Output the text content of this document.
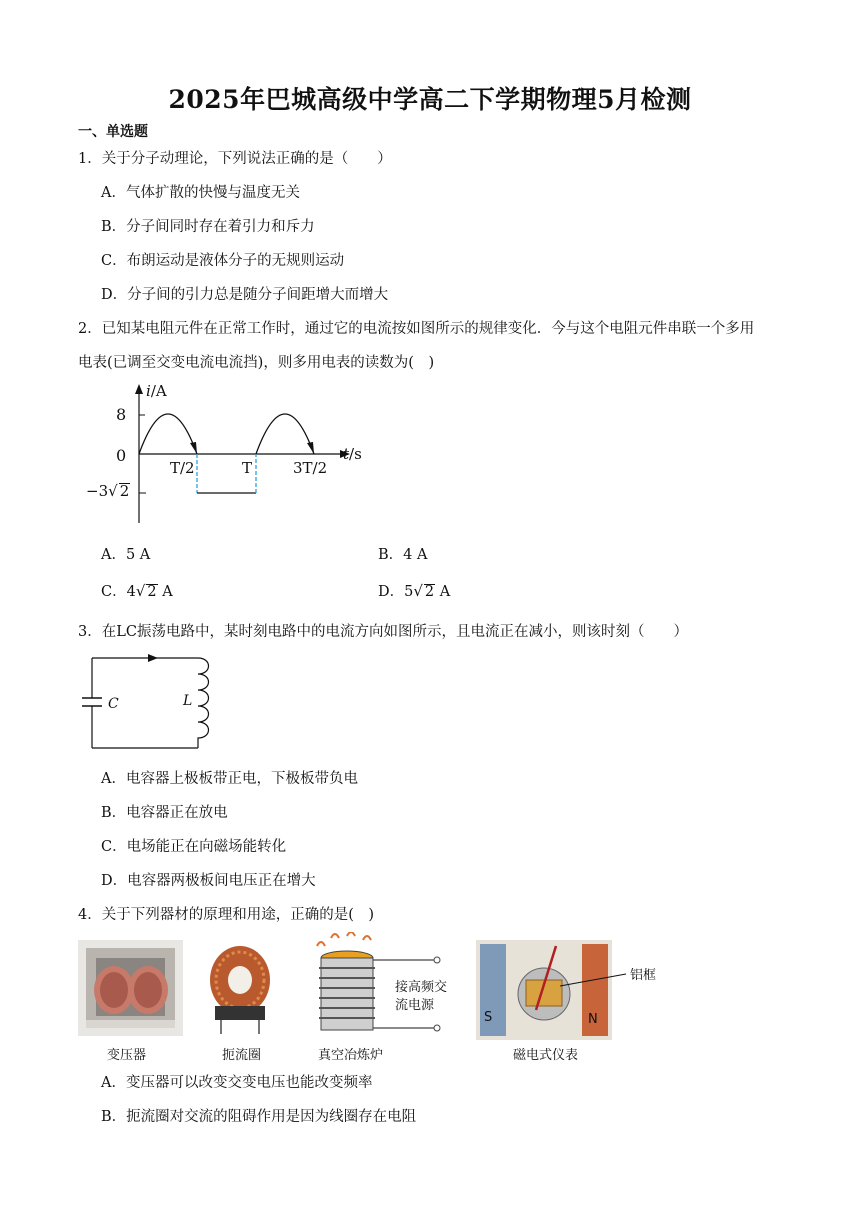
2025年巴城高级中学高二下学期物理5月检测
一、单选题
1．关于分子动理论，下列说法正确的是（　　）
A．气体扩散的快慢与温度无关
B．分子间同时存在着引力和斥力
C．布朗运动是液体分子的无规则运动
D．分子间的引力总是随分子间距增大而增大
2．已知某电阻元件在正常工作时，通过它的电流按如图所示的规律变化．今与这个电阻元件串联一个多用
电表(已调至交变电流电流挡)，则多用电表的读数为(　)
i/A
8
0
−3√ 2
T/2	T	3T/2
t/s
A．5 A	B．4 A
C．4√ 2 A	D．5√ 2 A
3．在LC振荡电路中，某时刻电路中的电流方向如图所示，且电流正在减小，则该时刻（　　）
C	L
A．电容器上极板带正电，下极板带负电
B．电容器正在放电
C．电场能正在向磁场能转化
D．电容器两极板间电压正在增大
4．关于下列器材的原理和用途，正确的是(　)
变压器	扼流圈
接高频交
流电源
真空冶炼炉
S	N
铝框
磁电式仪表
A．变压器可以改变交变电压也能改变频率
B．扼流圈对交流的阻碍作用是因为线圈存在电阻
